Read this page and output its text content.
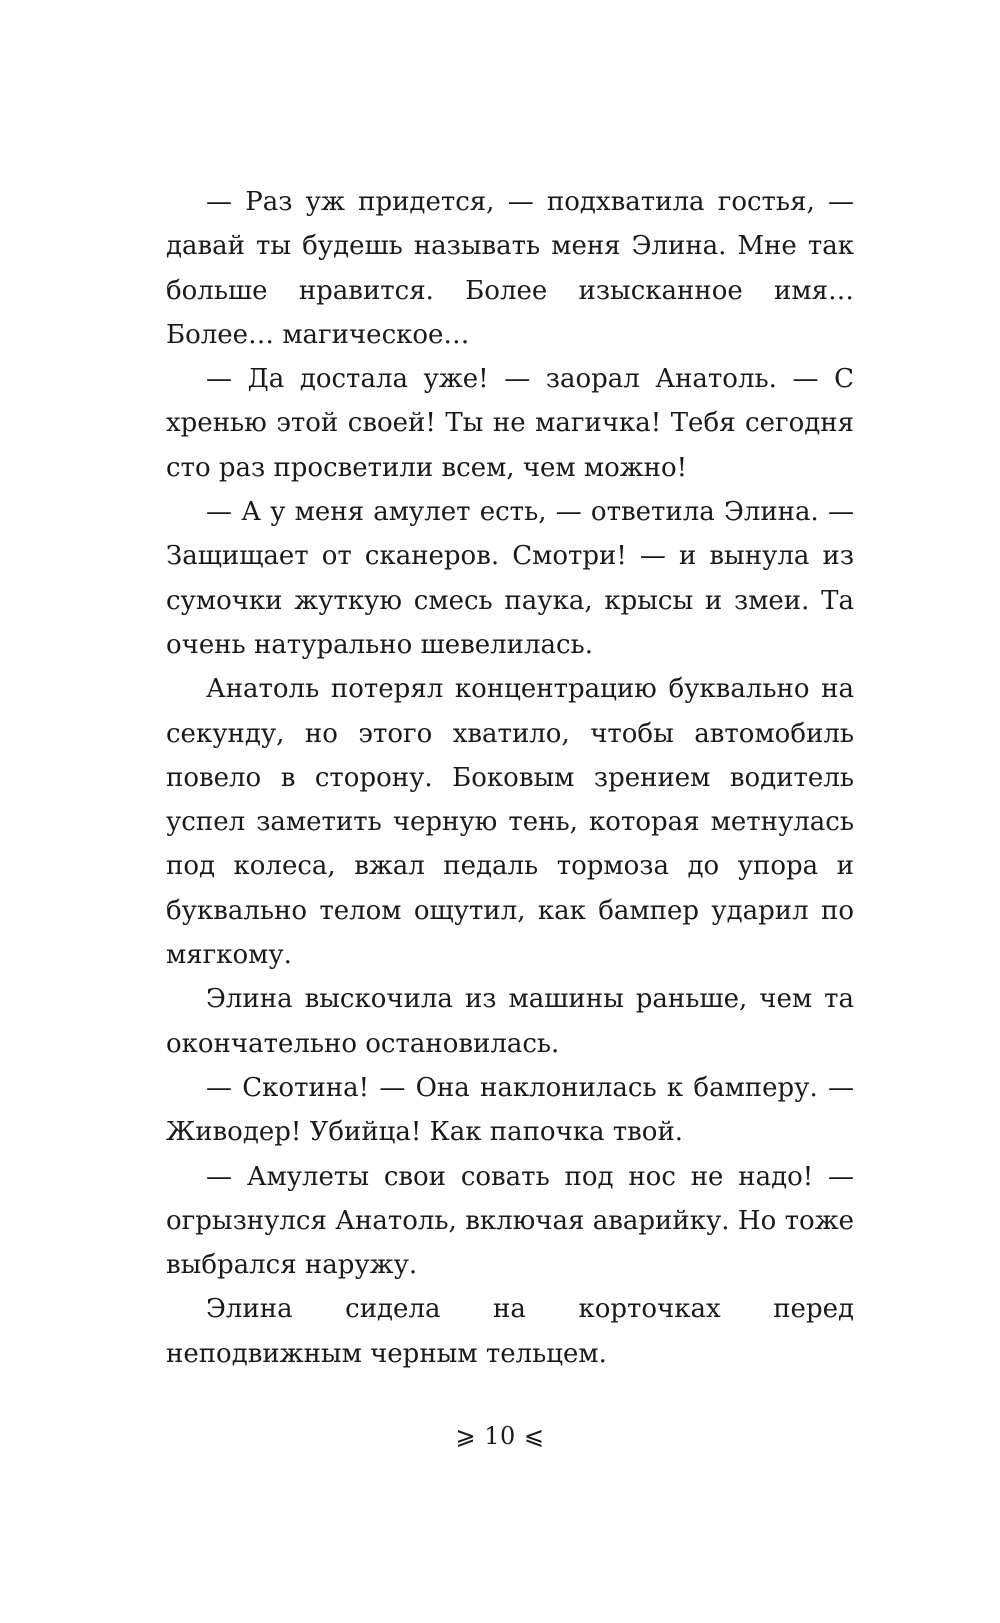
— Раз уж придется, — подхватила гостья, — давай ты будешь называть меня Элина. Мне так больше нравится. Более изысканное имя… Более… магическое…

— Да достала уже! — заорал Анатоль. — С хренью этой своей! Ты не магичка! Тебя сегодня сто раз просветили всем, чем можно!

— А у меня амулет есть, — ответила Элина. — Защищает от сканеров. Смотри! — и вынула из сумочки жуткую смесь паука, крысы и змеи. Та очень натурально шевелилась.

Анатоль потерял концентрацию буквально на секунду, но этого хватило, чтобы автомобиль повело в сторону. Боковым зрением водитель успел заметить черную тень, которая метнулась под колеса, вжал педаль тормоза до упора и буквально телом ощутил, как бампер ударил по мягкому.

Элина выскочила из машины раньше, чем та окончательно остановилась.

— Скотина! — Она наклонилась к бамперу. — Живодер! Убийца! Как папочка твой.

— Амулеты свои совать под нос не надо! — огрызнулся Анатоль, включая аварийку. Но тоже выбрался наружу.

Элина сидела на корточках перед неподвижным черным тельцем.

⩾ 10 ⩽
